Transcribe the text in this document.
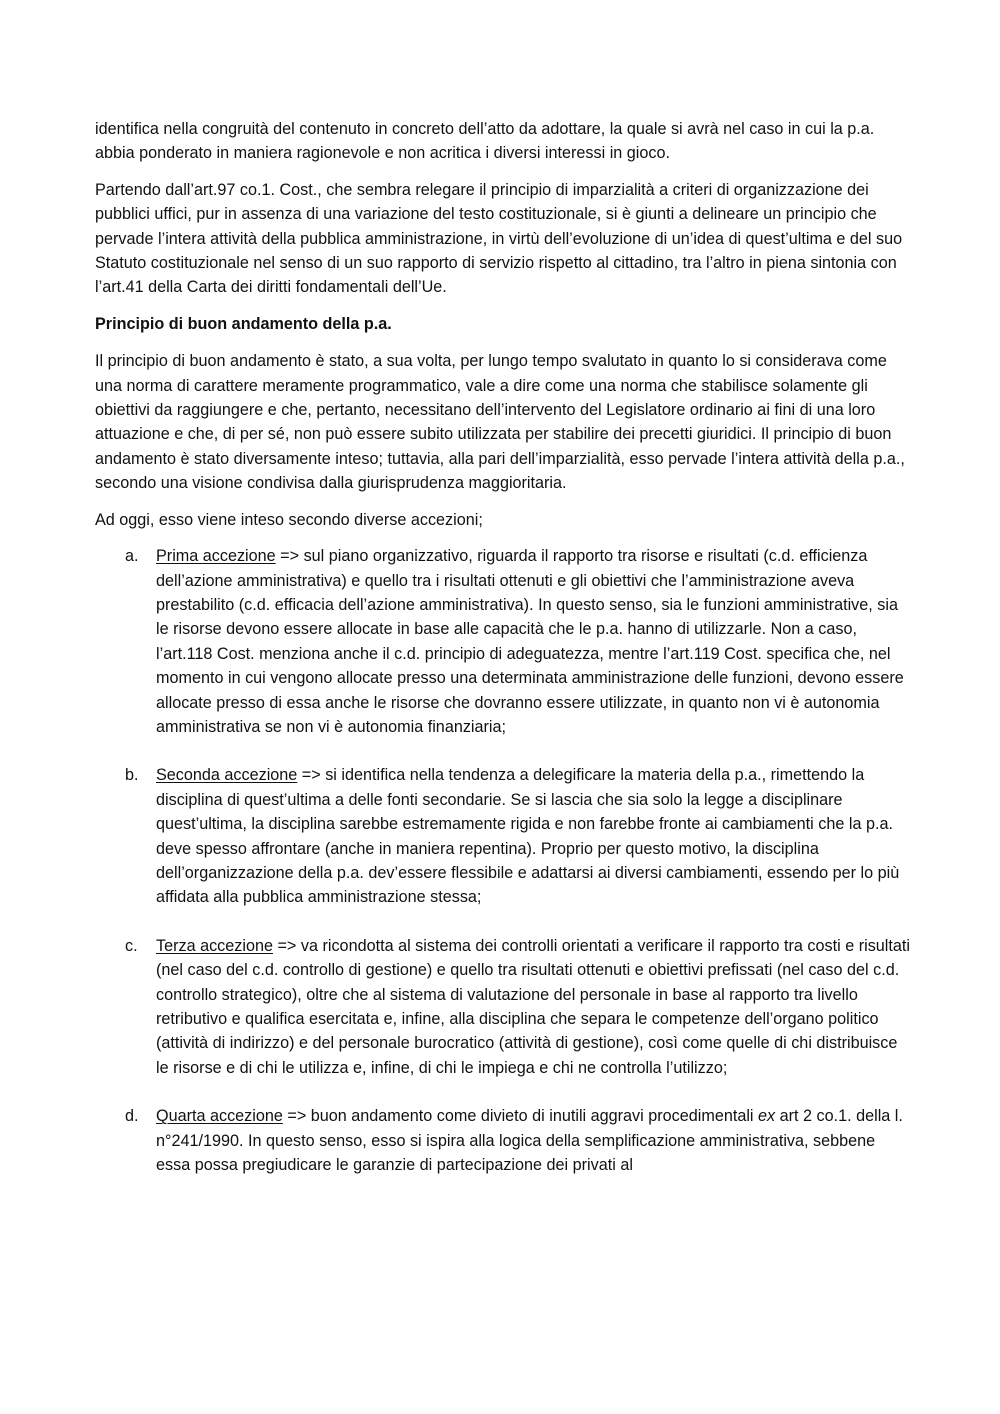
identifica nella congruità del contenuto in concreto dell’atto da adottare, la quale si avrà nel caso in cui la p.a. abbia ponderato in maniera ragionevole e non acritica i diversi interessi in gioco.

Partendo dall’art.97 co.1. Cost., che sembra relegare il principio di imparzialità a criteri di organizzazione dei pubblici uffici, pur in assenza di una variazione del testo costituzionale, si è giunti a delineare un principio che pervade l’intera attività della pubblica amministrazione, in virtù dell’evoluzione di un’idea di quest’ultima e del suo Statuto costituzionale nel senso di un suo rapporto di servizio rispetto al cittadino, tra l’altro in piena sintonia con l’art.41 della Carta dei diritti fondamentali dell’Ue.

Principio di buon andamento della p.a.

Il principio di buon andamento è stato, a sua volta, per lungo tempo svalutato in quanto lo si considerava come una norma di carattere meramente programmatico, vale a dire come una norma che stabilisce solamente gli obiettivi da raggiungere e che, pertanto, necessitano dell’intervento del Legislatore ordinario ai fini di una loro attuazione e che, di per sé, non può essere subito utilizzata per stabilire dei precetti giuridici. Il principio di buon andamento è stato diversamente inteso; tuttavia, alla pari dell’imparzialità, esso pervade l’intera attività della p.a., secondo una visione condivisa dalla giurisprudenza maggioritaria.

Ad oggi, esso viene inteso secondo diverse accezioni;

a. Prima accezione => sul piano organizzativo, riguarda il rapporto tra risorse e risultati (c.d. efficienza dell’azione amministrativa) e quello tra i risultati ottenuti e gli obiettivi che l’amministrazione aveva prestabilito (c.d. efficacia dell’azione amministrativa). In questo senso, sia le funzioni amministrative, sia le risorse devono essere allocate in base alle capacità che le p.a. hanno di utilizzarle. Non a caso, l’art.118 Cost. menziona anche il c.d. principio di adeguatezza, mentre l’art.119 Cost. specifica che, nel momento in cui vengono allocate presso una determinata amministrazione delle funzioni, devono essere allocate presso di essa anche le risorse che dovranno essere utilizzate, in quanto non vi è autonomia amministrativa se non vi è autonomia finanziaria;
b. Seconda accezione => si identifica nella tendenza a delegificare la materia della p.a., rimettendo la disciplina di quest’ultima a delle fonti secondarie. Se si lascia che sia solo la legge a disciplinare quest’ultima, la disciplina sarebbe estremamente rigida e non farebbe fronte ai cambiamenti che la p.a. deve spesso affrontare (anche in maniera repentina). Proprio per questo motivo, la disciplina dell’organizzazione della p.a. dev’essere flessibile e adattarsi ai diversi cambiamenti, essendo per lo più affidata alla pubblica amministrazione stessa;
c. Terza accezione => va ricondotta al sistema dei controlli orientati a verificare il rapporto tra costi e risultati (nel caso del c.d. controllo di gestione) e quello tra risultati ottenuti e obiettivi prefissati (nel caso del c.d. controllo strategico), oltre che al sistema di valutazione del personale in base al rapporto tra livello retributivo e qualifica esercitata e, infine, alla disciplina che separa le competenze dell’organo politico (attività di indirizzo) e del personale burocratico (attività di gestione), così come quelle di chi distribuisce le risorse e di chi le utilizza e, infine, di chi le impiega e chi ne controlla l’utilizzo;
d. Quarta accezione => buon andamento come divieto di inutili aggravi procedimentali ex art 2 co.1. della l. n°241/1990. In questo senso, esso si ispira alla logica della semplificazione amministrativa, sebbene essa possa pregiudicare le garanzie di partecipazione dei privati al
